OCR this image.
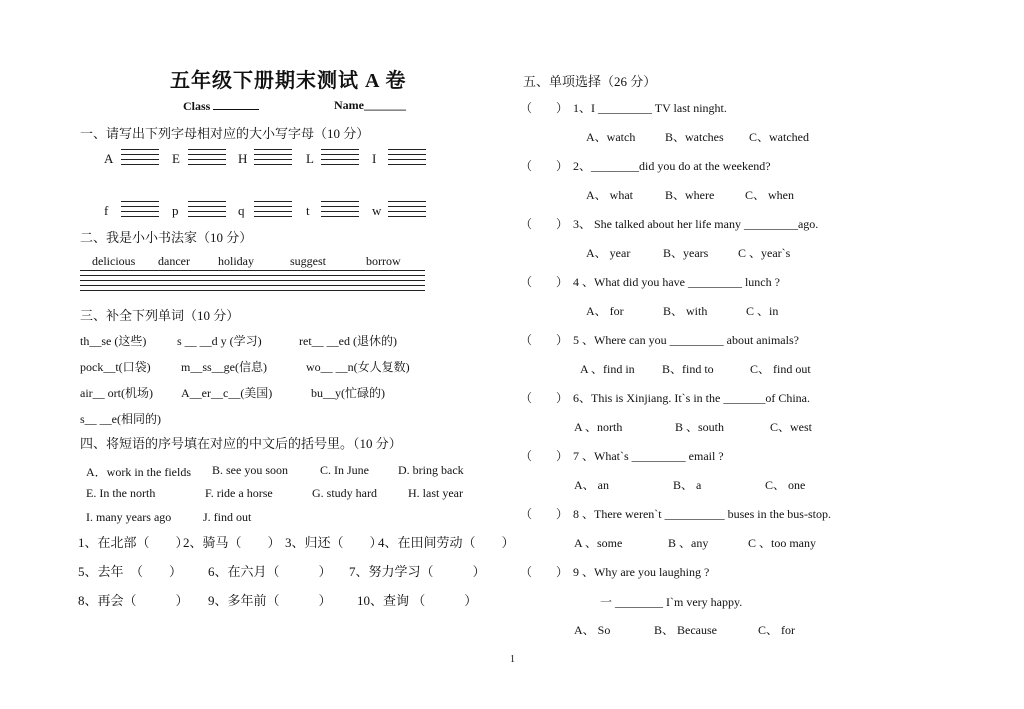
五年级下册期末测试 A 卷
Class	Name_______
一、请写出下列字母相对应的大小写字母（10 分）
A	E	H	L	I
f	p	q	t	w
二、我是小小书法家（10 分）
delicious dancer holiday	suggest	borrow
三、补全下列单词（10 分）
th__se (这些)	s __ __d y (学习)	ret__ __ed (退休的)
pock__t(口袋)	m__ss__ge(信息)	wo__ __n(女人复数)
air__ ort(机场) A__er__c__(美国)	bu__y(忙碌的)
s__ __e(相同的)
四、将短语的序号填在对应的中文后的括号里。（10 分）
A．work in the fields B. see you soon	C. In June D. bring back
E. In the north	F. ride a horse	G. study hard	H. last year
I. many years ago	J. find out
1、在北部（　　）
2、骑马（　　） 3、归还（　　）
4、在田间劳动（　　）
5、去年　（　　） 6、在六月（　　　） 7、努力学习（　　　）
8、再会（　　　） 9、多年前（　　　） 10、查询 （　　　）
五、单项选择（26 分）
（　　） 1、I _________ TV last ninght.
A、watch B、watches C、watched
（　　） 2、________did you do at the weekend?
A、 what	B、where	C、 when
（　　） 3、 She talked about her life many _________ago.
A、 year	B、years C 、year`s
（　　） 4 、What did you have _________ lunch ?
A、 for	B、 with	C 、in
（　　） 5 、Where can you _________ about animals?
A 、find in B、find to	C、 find out
（　　） 6、This is Xinjiang. It`s in the _______of China.
A 、north	B 、south	C、west
（　　） 7 、What`s _________ email ?
A、 an	B、 a	C、 one
（　　） 8 、There weren`t __________ buses in the bus-stop.
A 、some	B 、any	C 、too many
（　　） 9 、Why are you laughing ?
A、 So	B、 Because	C、 for
一 ________ I`m very happy.
1
